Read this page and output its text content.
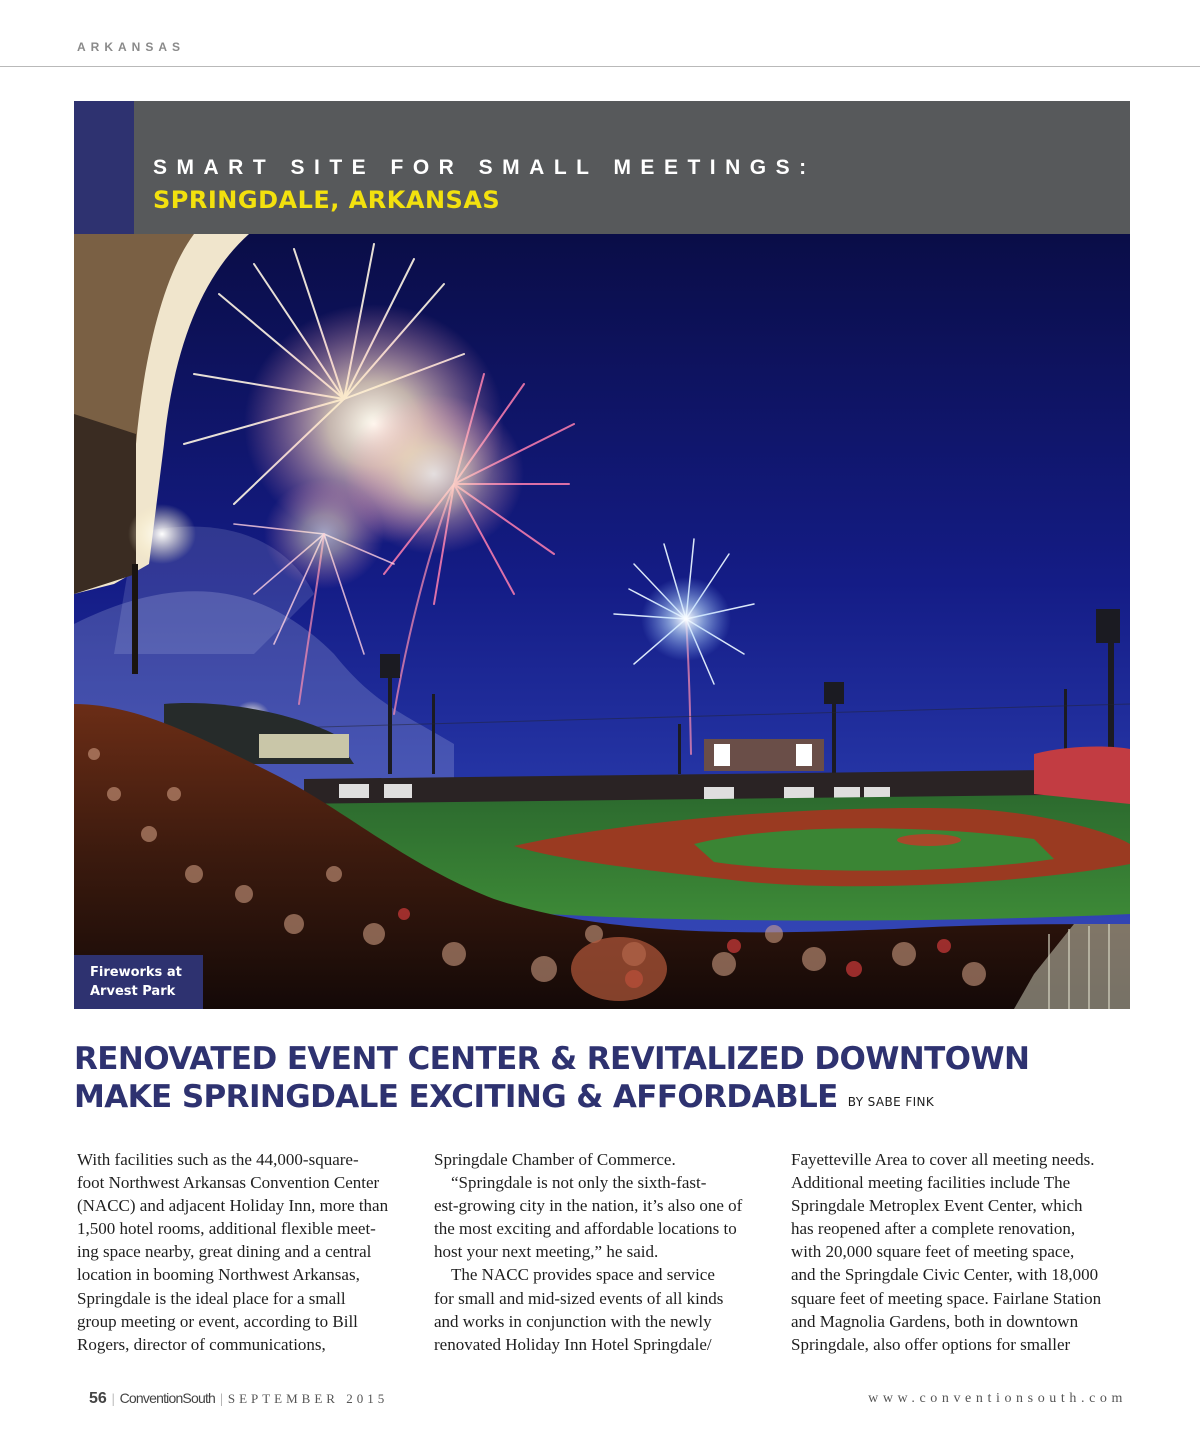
ARKANSAS
SMART SITE FOR SMALL MEETINGS:
SPRINGDALE, ARKANSAS
Fireworks at
Arvest Park
RENOVATED EVENT CENTER & REVITALIZED DOWNTOWN
MAKE SPRINGDALE EXCITING & AFFORDABLE BY SABE FINK
With facilities such as the 44,000-square-
foot Northwest Arkansas Convention Center
(NACC) and adjacent Holiday Inn, more than
1,500 hotel rooms, additional flexible meet-
ing space nearby, great dining and a central
location in booming Northwest Arkansas,
Springdale is the ideal place for a small
group meeting or event, according to Bill
Rogers, director of communications,
Springdale Chamber of Commerce.
“Springdale is not only the sixth-fast-
est-growing city in the nation, it’s also one of
the most exciting and affordable locations to
host your next meeting,” he said.
The NACC provides space and service
for small and mid-sized events of all kinds
and works in conjunction with the newly
renovated Holiday Inn Hotel Springdale/
Fayetteville Area to cover all meeting needs.
Additional meeting facilities include The
Springdale Metroplex Event Center, which
has reopened after a complete renovation,
with 20,000 square feet of meeting space,
and the Springdale Civic Center, with 18,000
square feet of meeting space. Fairlane Station
and Magnolia Gardens, both in downtown
Springdale, also offer options for smaller
56 | ConventionSouth | SEPTEMBER 2015	www.conventionsouth.com
